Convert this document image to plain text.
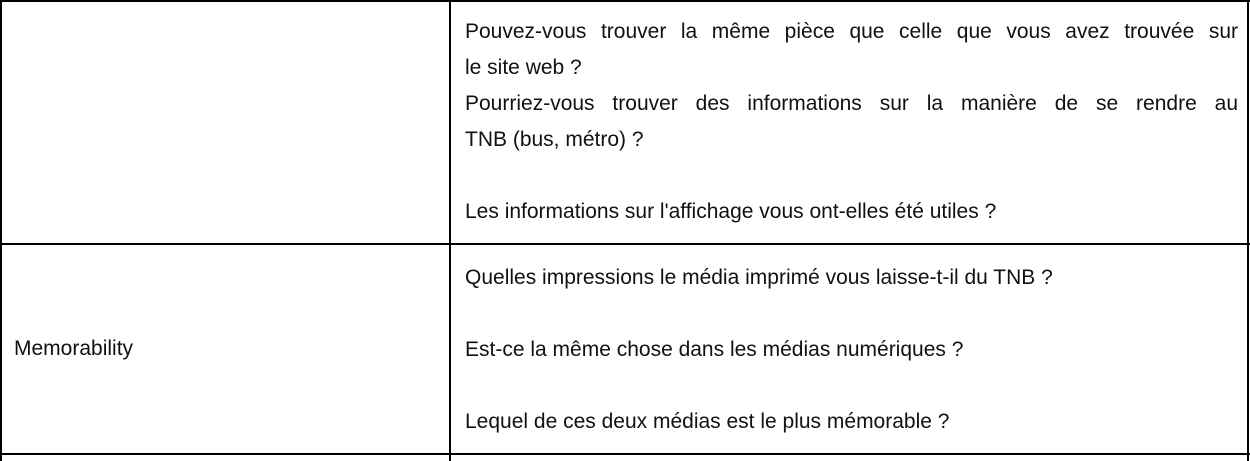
Pouvez-vous trouver la même pièce que celle que vous avez trouvée sur

le site web ?

Pourriez-vous trouver des informations sur la manière de se rendre au

TNB (bus, métro) ?

Les informations sur l'affichage vous ont-elles été utiles ?

Memorability

Quelles impressions le média imprimé vous laisse-t-il du TNB ?

Est-ce la même chose dans les médias numériques ?

Lequel de ces deux médias est le plus mémorable ?
